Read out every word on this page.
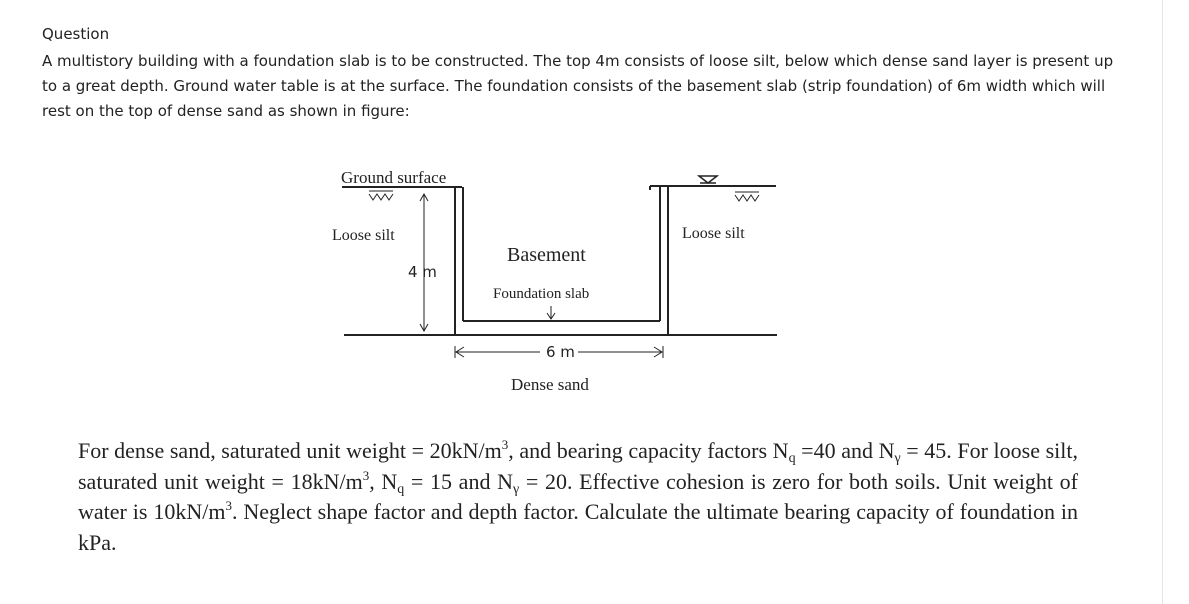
Question
A multistory building with a foundation slab is to be constructed. The top 4m consists of loose silt, below which dense sand layer is present up to a great depth. Ground water table is at the surface. The foundation consists of the basement slab (strip foundation) of 6m width which will rest on the top of dense sand as shown in figure:
Ground surface
Loose silt	Loose silt
4 m
Basement
Foundation slab
6 m
Dense sand
For dense sand, saturated unit weight = $20kN/m^3$, and bearing capacity factors $N_q =40$ and $N_\gamma = 45$. For loose silt, saturated unit weight = $18kN/m^3$, $N_q = 15$ and $N_\gamma = 20$. Effective cohesion is zero for both soils. Unit weight of water is $10kN/m^3$. Neglect shape factor and depth factor. Calculate the ultimate bearing capacity of foundation in kPa.
